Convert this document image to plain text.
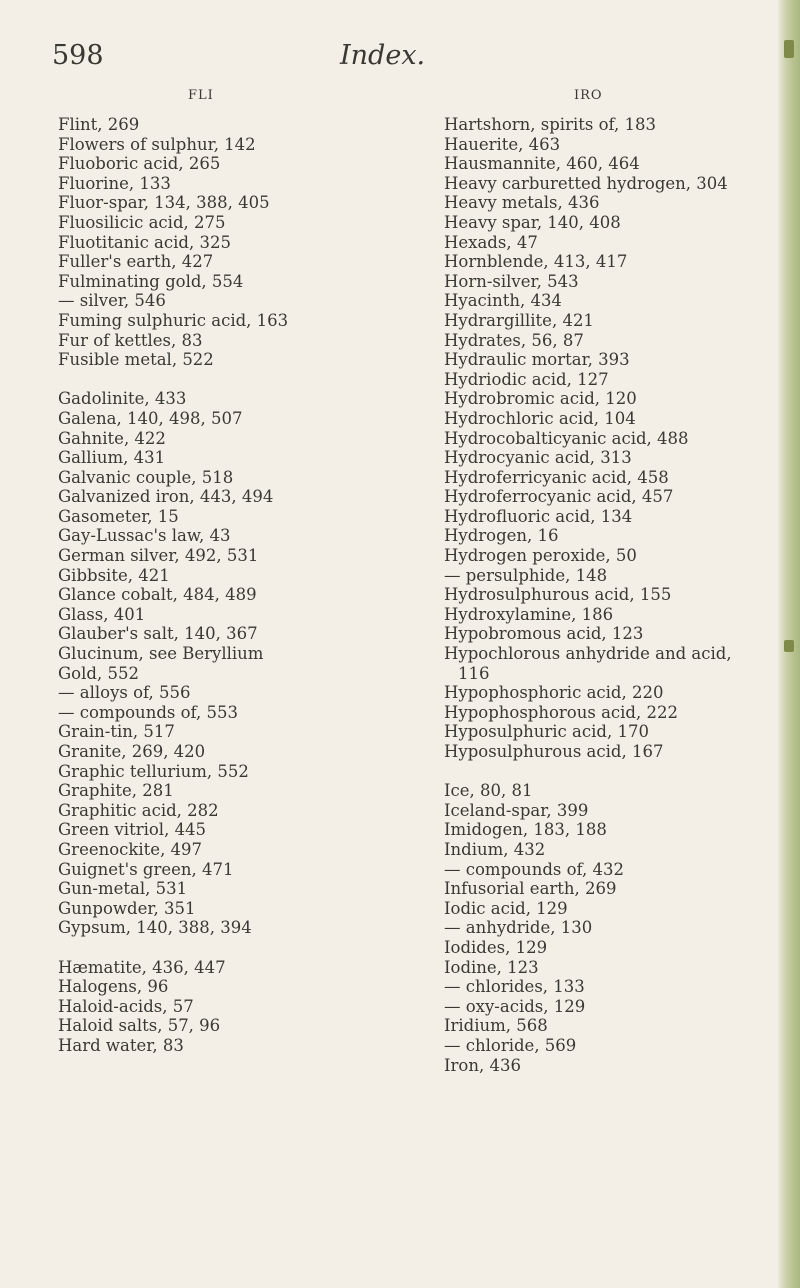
598	Index.
FLI	IRO
Flint, 269
Flowers of sulphur, 142
Fluoboric acid, 265
Fluorine, 133
Fluor-spar, 134, 388, 405
Fluosilicic acid, 275
Fluotitanic acid, 325
Fuller's earth, 427
Fulminating gold, 554
— silver, 546
Fuming sulphuric acid, 163
Fur of kettles, 83
Fusible metal, 522
Gadolinite, 433
Galena, 140, 498, 507
Gahnite, 422
Gallium, 431
Galvanic couple, 518
Galvanized iron, 443, 494
Gasometer, 15
Gay-Lussac's law, 43
German silver, 492, 531
Gibbsite, 421
Glance cobalt, 484, 489
Glass, 401
Glauber's salt, 140, 367
Glucinum, see Beryllium
Gold, 552
— alloys of, 556
— compounds of, 553
Grain-tin, 517
Granite, 269, 420
Graphic tellurium, 552
Graphite, 281
Graphitic acid, 282
Green vitriol, 445
Greenockite, 497
Guignet's green, 471
Gun-metal, 531
Gunpowder, 351
Gypsum, 140, 388, 394
Hæmatite, 436, 447
Halogens, 96
Haloid-acids, 57
Haloid salts, 57, 96
Hard water, 83
Hartshorn, spirits of, 183
Hauerite, 463
Hausmannite, 460, 464
Heavy carburetted hydrogen, 304
Heavy metals, 436
Heavy spar, 140, 408
Hexads, 47
Hornblende, 413, 417
Horn-silver, 543
Hyacinth, 434
Hydrargillite, 421
Hydrates, 56, 87
Hydraulic mortar, 393
Hydriodic acid, 127
Hydrobromic acid, 120
Hydrochloric acid, 104
Hydrocobalticyanic acid, 488
Hydrocyanic acid, 313
Hydroferricyanic acid, 458
Hydroferrocyanic acid, 457
Hydrofluoric acid, 134
Hydrogen, 16
Hydrogen peroxide, 50
— persulphide, 148
Hydrosulphurous acid, 155
Hydroxylamine, 186
Hypobromous acid, 123
Hypochlorous anhydride and acid,
116
Hypophosphoric acid, 220
Hypophosphorous acid, 222
Hyposulphuric acid, 170
Hyposulphurous acid, 167
Ice, 80, 81
Iceland-spar, 399
Imidogen, 183, 188
Indium, 432
— compounds of, 432
Infusorial earth, 269
Iodic acid, 129
— anhydride, 130
Iodides, 129
Iodine, 123
— chlorides, 133
— oxy-acids, 129
Iridium, 568
— chloride, 569
Iron, 436
